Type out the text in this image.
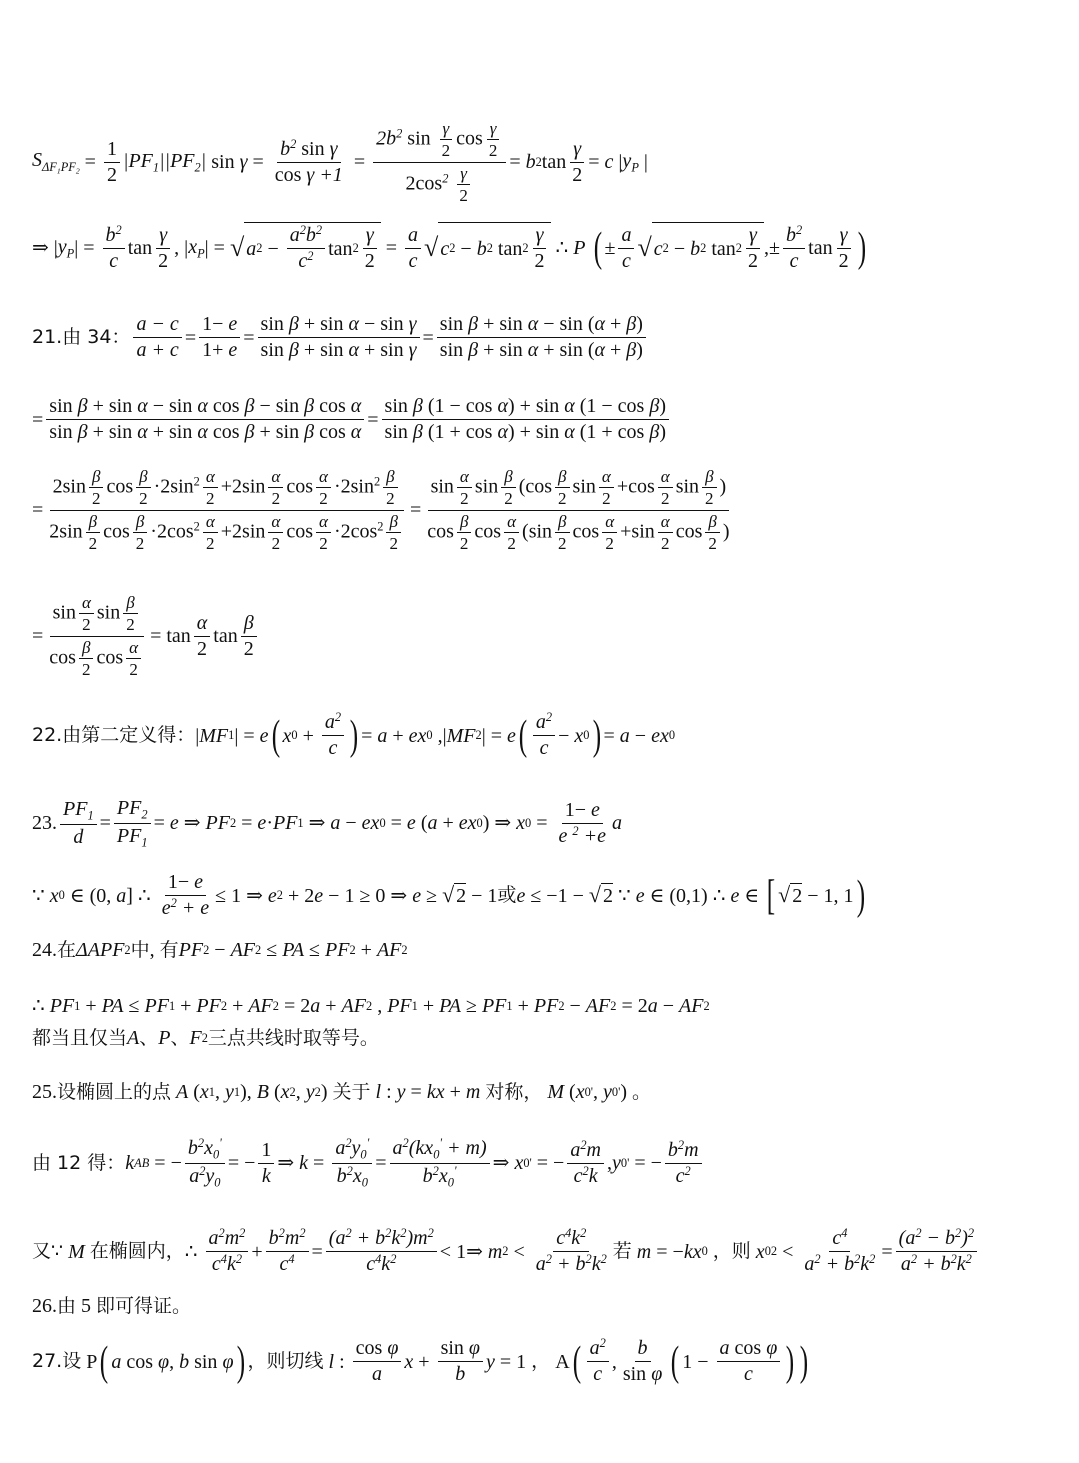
$S_{\Delta F_1PF_2} = \frac{1}{2} |PF_1||PF_2|$ $\sin \gamma = \frac{b^2 \sin \gamma}{\text{cos γ +1}} = \frac{2b^2 \sin \frac{\gamma}{2} \cos \frac{\gamma}{2}}{2\cos^2 \frac{\gamma}{2}} = b$ 2 $\tan \frac{\gamma}{2} = c$ | $y_P$ |
⇒ | $y_P$ | = $\frac{b^2}{c}$ $\tan \frac{\gamma}{2}$ , | $x_P$ | = √ a $2 - \frac{a^2b^2}{c^2}$ $\tan 2 \frac{\gamma}{2} = \frac{a}{c}$ √ c 2 − b 2 $\tan 2 \frac{\gamma}{2}$ ∴ P
( ± $\frac{a}{c}$ √ c 2 − b 2 $\tan 2 \frac{\gamma}{2}$ ,± $\frac{b^2}{c}$ $\tan \frac{\gamma}{2}$ )
21.由 34： $\frac{a - c}{a + c} = \frac{1- e}{1+ e} = \frac{\text{sin β + sin α − sin γ}}{\text{sin β + sin α + sin γ}} = \frac{\text{sin β + sin α − sin (α + β)}}{\text{sin β + sin α + sin (α + β)}}$
= $\frac{\text{sin β + sin α − sin α cos β − sin β cos α}}{\text{sin β + sin α + sin α cos β + sin β cos α}} = \frac{\text{sin β (1 − cos α) + sin α (1 − cos β)}}{\text{sin β (1 + cos α) + sin α (1 + cos β)}}$
= $\frac{2\sin \frac{\beta}{2} \cos \frac{\beta}{2} \cdot 2\sin^2 \frac{\alpha}{2} +2\sin \frac{\alpha}{2} \cos \frac{\alpha}{2} \cdot 2\sin^2 \frac{\beta}{2}}{2\sin \frac{\beta}{2} \cos \frac{\beta}{2} \cdot 2\cos^2 \frac{\alpha}{2} +2\sin \frac{\alpha}{2} \cos \frac{\alpha}{2} \cdot 2\cos^2 \frac{\beta}{2}} = \frac{\sin \frac{\alpha}{2} \sin \frac{\beta}{2} (\cos \frac{\beta}{2} \sin \frac{\alpha}{2} +\cos \frac{\alpha}{2} \sin \frac{\beta}{2} )}{\cos \frac{\beta}{2} \cos \frac{\alpha}{2} (\sin \frac{\beta}{2} \cos \frac{\alpha}{2} +\sin \frac{\alpha}{2} \cos \frac{\beta}{2} )}$
= $\frac{\sin \frac{\alpha}{2} \sin \frac{\beta}{2}}{\cos \frac{\beta}{2} \cos \frac{\alpha}{2}} = \tan \frac{\alpha}{2}$ $\tan \frac{\beta}{2}$
22.由第二定义得： | MF 1 | = e ( x $0 + \frac{a^2}{c}$ ) = a + ex 0 ,| MF 2 | = e ( $\frac{a^2}{c} - x$ 0 ) = a − ex 0
23. $\frac{PF_1}{d} = \frac{PF_2}{PF_1} = e$ ⇒ PF 2 = e · PF 1 ⇒ a − ex 0 = e ( a + ex 0 ) ⇒ x $0 = \frac{1- e}{e ^2 +e}$ a
∵ x 0 ∈ (0, a ] ∴ $\frac{1- e}{e^2 + e} \le 1$ ⇒ e 2 + 2 e − 1 ≥ 0 ⇒ e ≥ √ 2 − 1 或 e ≤ −1 − √ 2 ∵ e ∈ (0,1) ∴ e ∈ [ √ 2 − 1, 1 )
24. 在 ΔAPF 2 中 , 有 PF 2 − AF 2 ≤ PA ≤ PF 2 + AF 2
∴ PF 1 + PA ≤ PF 1 + PF 2 + AF 2 = 2 a + AF 2 , PF 1 + PA ≥ PF 1 + PF 2 − AF 2 = 2 a − AF 2
都当且仅当 A 、 P 、 F 2 三点共线时取等号。
25. 设椭圆上的点
A ( x 1 , y 1 ), B ( x 2 , y 2 ) 关于
l : y = kx + m
对称，
M ( x 0 ' , y 0 ' ) 。
由 12 得： k AB = − $\frac{b^2x_0'}{a^2y_0}$ = − $\frac{1}{k}$ ⇒ $k = \frac{a^2y_0'}{b^2x_0} = \frac{a^2(kx_0' + m)}{b^2x_0'}$ ⇒ x 0 ' = − $\frac{a^2m}{c^2k}$ , y 0 ' = − $\frac{b^2m}{c^2}$
又∵
M
在椭圆内， ∴ $\frac{a^2m^2}{c^4k^2} + \frac{b^2m^2}{c^4} = \frac{(a^2 + b^2k^2)m^2}{c^4k^2}$ < 1⇒ m $2 < \frac{c^4k^2}{a^2 + b^2k^2}$ 若
m = − kx 0
，则
x 0 $2 < \frac{c^4}{a^2 + b^2k^2} = \frac{(a^2 - b^2)^2}{a^2 + b^2k^2}$
26.由 5 即可得证。
27.设 P ( a cos φ , b sin φ ) ，则切线
l : $\frac{\text{cos φ}}{a}$ $x + \frac{\text{sin φ}}{b}$ y = 1 ， A ( $\frac{a^2}{c}$ , $\frac{b}{\text{sin φ}}$ ( $1 - \frac{\text{a cos φ}}{c}$ ) )
